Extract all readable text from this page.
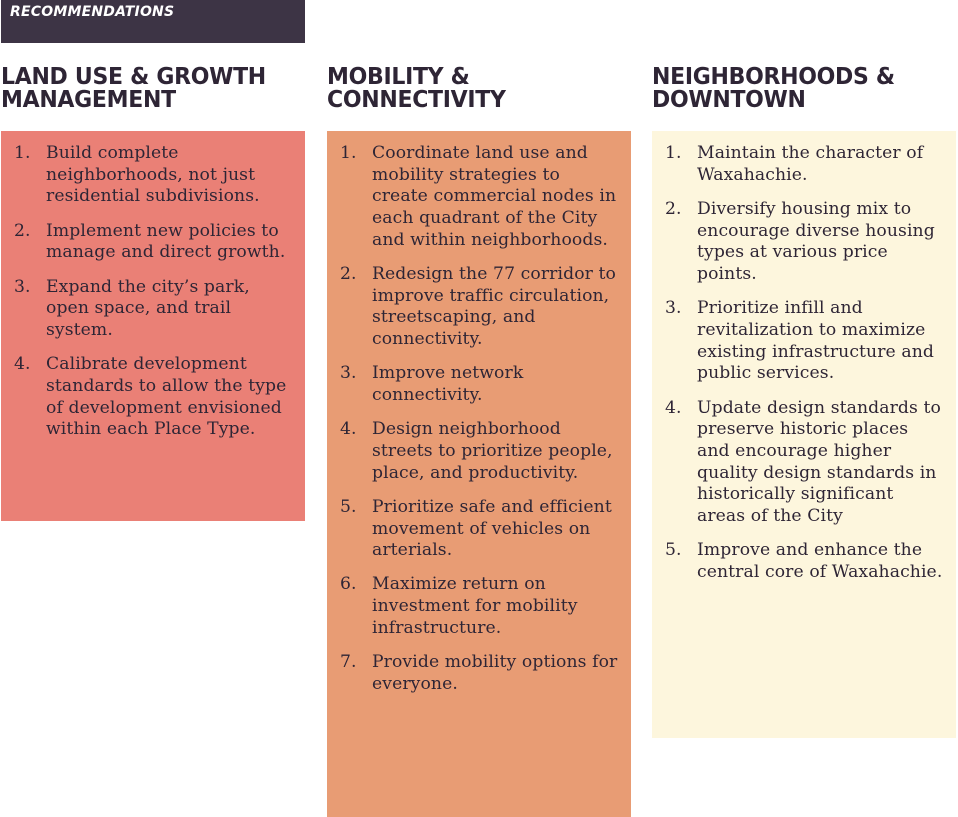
RECOMMENDATIONS
LAND USE & GROWTH
MANAGEMENT
1. Build complete neighborhoods, not just residential subdivisions.
2. Implement new policies to manage and direct growth.
3. Expand the city’s park, open space, and trail system.
4. Calibrate development standards to allow the type of development envisioned within each Place Type.
MOBILITY &
CONNECTIVITY
1. Coordinate land use and mobility strategies to create commercial nodes in each quadrant of the City and within neighborhoods.
2. Redesign the 77 corridor to improve traffic circulation, streetscaping, and connectivity.
3. Improve network connectivity.
4. Design neighborhood streets to prioritize people, place, and productivity.
5. Prioritize safe and efficient movement of vehicles on arterials.
6. Maximize return on investment for mobility infrastructure.
7. Provide mobility options for everyone.
NEIGHBORHOODS &
DOWNTOWN
1. Maintain the character of Waxahachie.
2. Diversify housing mix to encourage diverse housing types at various price points.
3. Prioritize infill and revitalization to maximize existing infrastructure and public services.
4. Update design standards to preserve historic places and encourage higher quality design standards in historically significant areas of the City
5. Improve and enhance the central core of Waxahachie.
